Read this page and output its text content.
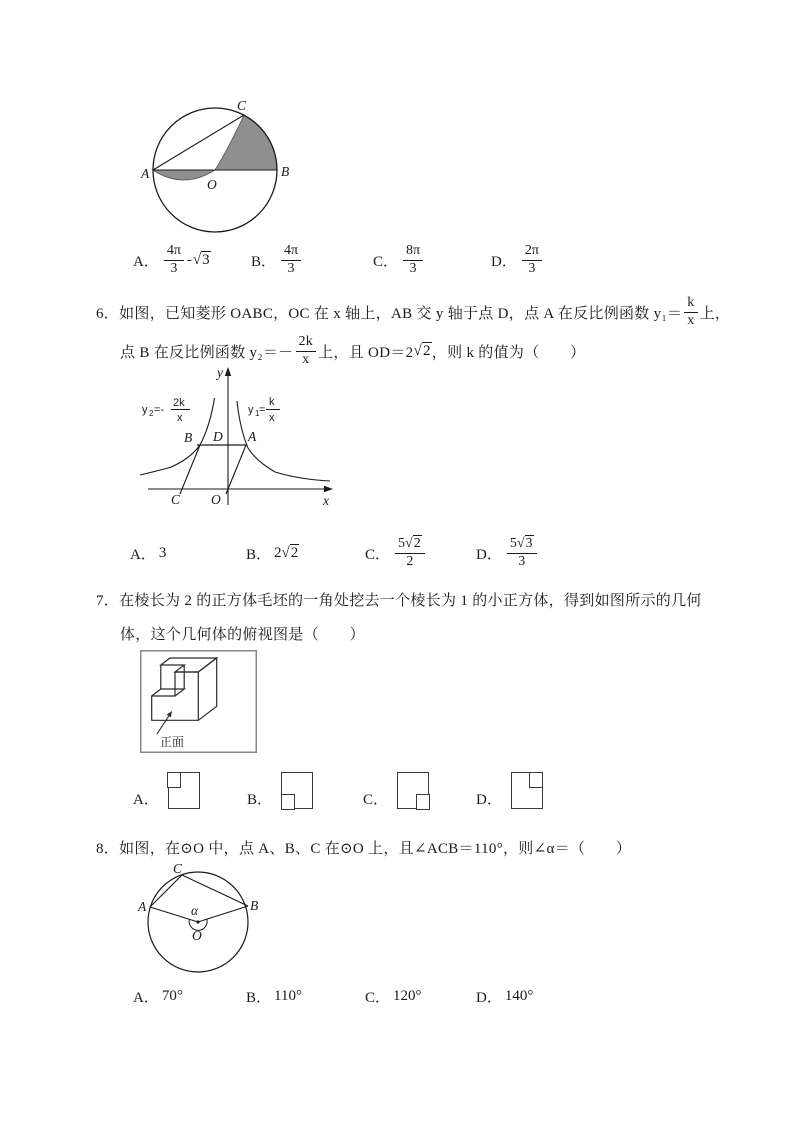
A	B
C
O
A． $\frac{4\pi}{3} - √3$	B． $\frac{4\pi}{3}$	C． $\frac{8\pi}{3}$	D． $\frac{2\pi}{3}$
6．如图，已知菱形 OABC，OC 在 x 轴上，AB 交 y 轴于点 D，点 A 在反比例函数 $y_1= \frac{k}{x}$ 上，
点 B 在反比例函数 $y_2=- \frac{2k}{x}$ 上，且 OD＝2 √2 ，则 k 的值为（　　）
y 2 =-
2k
x
y 1 =
k
x
B D A
C O	x
y
A． 3	B． 2 √2	C． $\frac{5√2}{2}$	D． $\frac{5√3}{3}$
7．在棱长为 2 的正方体毛坯的一角处挖去一个棱长为 1 的小正方体，得到如图所示的几何
体，这个几何体的俯视图是（　　）
正面
A．	B．	C．	D．
8．如图，在⊙O 中，点 A、B、C 在⊙O 上，且∠ACB＝110°，则∠α＝（　　）
C
A	B
O
α
A． 70°	B． 110°	C． 120°	D． 140°
